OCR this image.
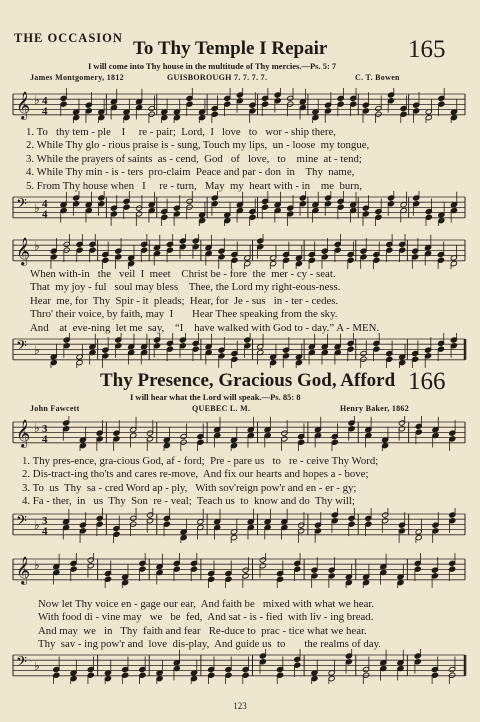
THE OCCASION To Thy Temple I Repair	165
I will come into Thy house in the multitude of Thy mercies.—Ps. 5: 7
James Montgomery, 1812	GUISBOROUGH 7. 7. 7. 7.	C. T. Bowen
𝄞 ♭ 4
4
1. To   thy tem - ple    I     re - pair;  Lord,  I   love   to   wor - ship there,
2. While Thy glo - rious praise is - sung, Touch my lips,  un - loose  my tongue,
3. While the prayers of saints  as - cend,  God   of   love,   to    mine  at - tend;
4. While Thy min - is - ters  pro-claim  Peace and par - don  in    Thy  name,
5. From Thy house when   I     re - turn,   May  my  heart with - in    me  burn,
𝄢 ♭ 4
4
𝄞 ♭
When with-in   the   veil  I  meet    Christ be - fore  the  mer - cy - seat.
That  my joy - ful   soul may bless    Thee, the Lord my right-eous-ness.
Hear  me, for  Thy  Spir - it  pleads;  Hear, for  Je - sus   in - ter - cedes.
Thro' their voice, by faith, may  I       Hear Thee speaking from the sky.
And    at  eve-ning  let me  say,    “I    have walked with God to - day.” A - MEN.
𝄢 ♭
Thy Presence, Gracious God, Afford 166
I will hear what the Lord will speak.—Ps. 85: 8
John Fawcett	QUEBEC L. M.	Henry Baker, 1862
𝄞 ♭ 3
4
1. Thy pres-ence, gra-cious God, af - ford;  Pre - pare us   to   re - ceive Thy Word;
2. Dis-tract-ing tho'ts and cares re-move,  And fix our hearts and hopes a - bove;
3. To  us  Thy  sa - cred Word ap - ply,   With sov'reign pow'r and en - er - gy;
4. Fa - ther,  in   us  Thy  Son  re - veal;  Teach us  to  know and do  Thy will;
𝄢 ♭ 3
4
𝄞 ♭
Now let Thy voice en - gage our ear,  And faith be   mixed with what we hear.
With food di - vine may   we   be  fed,  And sat - is - fied  with liv - ing bread.
And may  we   in   Thy  faith and fear   Re-duce to  prac - tice what we hear.
Thy  sav - ing pow'r and  love  dis-play,  And guide us  to       the realms of day.
𝄢 ♭
123
